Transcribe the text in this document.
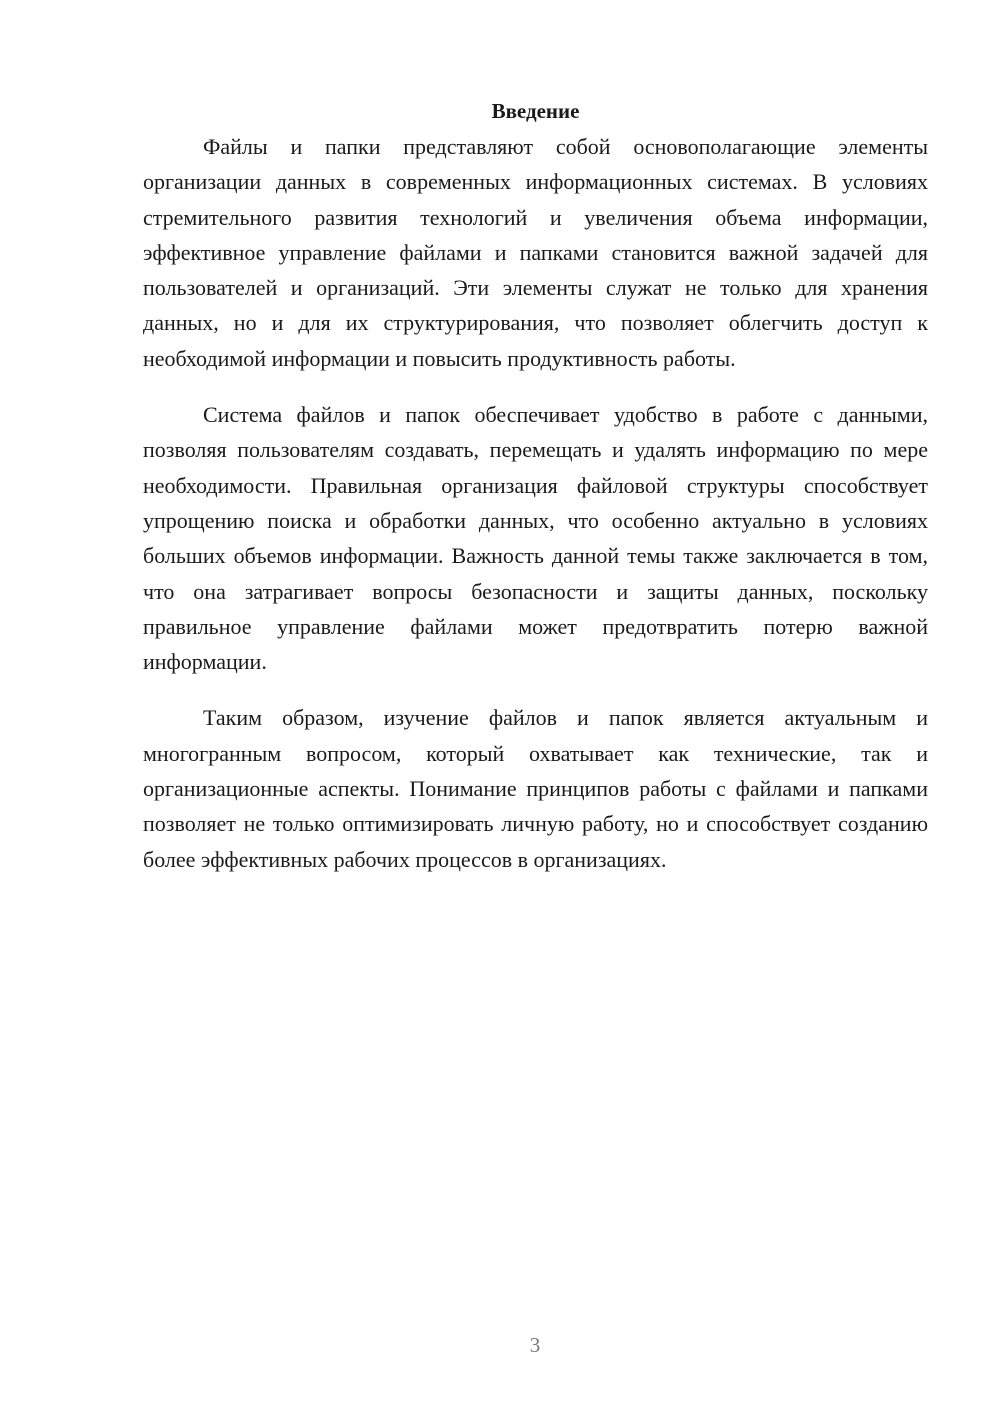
Введение

Файлы и папки представляют собой основополагающие элементы организации данных в современных информационных системах. В условиях стремительного развития технологий и увеличения объема информации, эффективное управление файлами и папками становится важной задачей для пользователей и организаций. Эти элементы служат не только для хранения данных, но и для их структурирования, что позволяет облегчить доступ к необходимой информации и повысить продуктивность работы.

Система файлов и папок обеспечивает удобство в работе с данными, позволяя пользователям создавать, перемещать и удалять информацию по мере необходимости. Правильная организация файловой структуры способствует упрощению поиска и обработки данных, что особенно актуально в условиях больших объемов информации. Важность данной темы также заключается в том, что она затрагивает вопросы безопасности и защиты данных, поскольку правильное управление файлами может предотвратить потерю важной информации.

Таким образом, изучение файлов и папок является актуальным и многогранным вопросом, который охватывает как технические, так и организационные аспекты. Понимание принципов работы с файлами и папками позволяет не только оптимизировать личную работу, но и способствует созданию более эффективных рабочих процессов в организациях.

3
